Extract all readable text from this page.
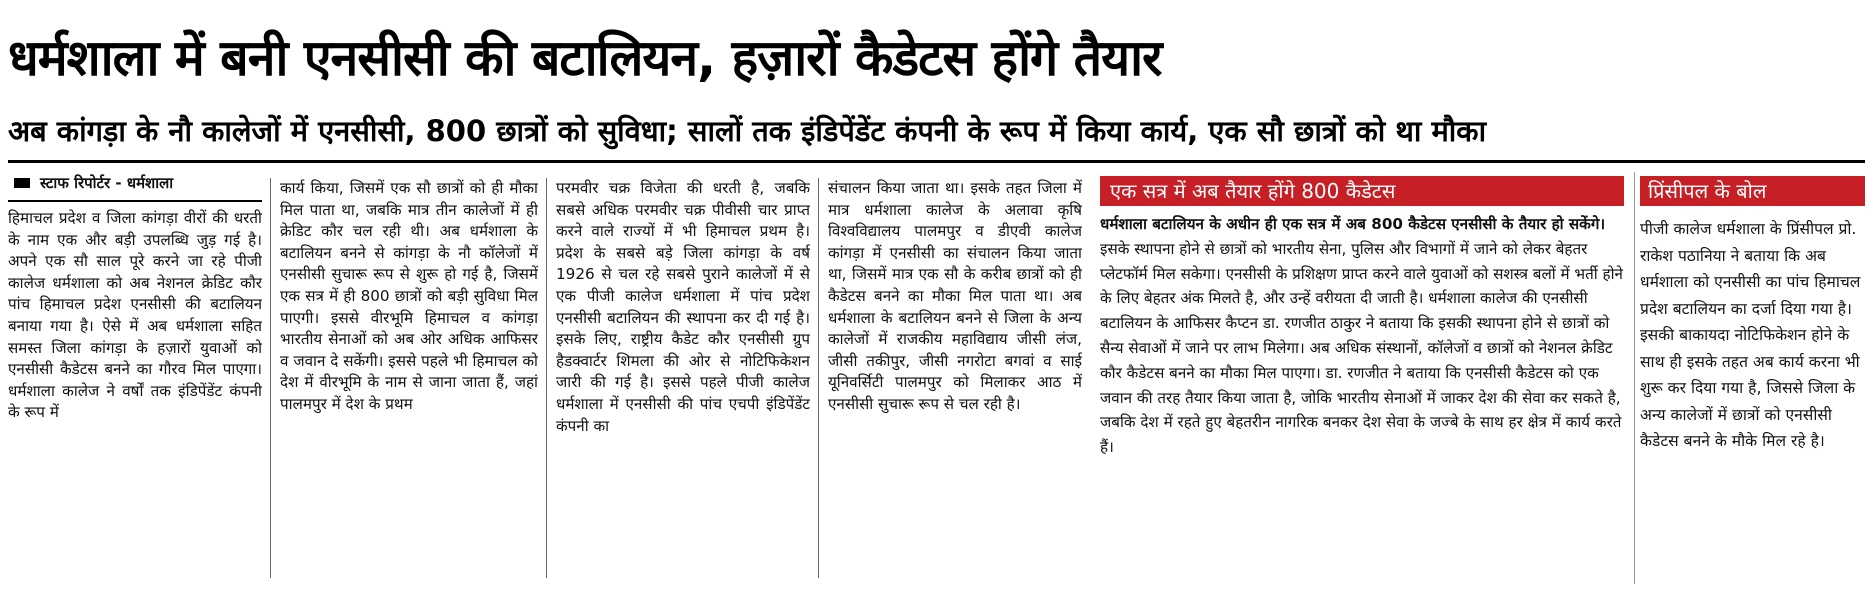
धर्मशाला में बनी एनसीसी की बटालियन, हज़ारों कैडेटस होंगे तैयार
अब कांगड़ा के नौ कालेजों में एनसीसी, 800 छात्रों को सुविधा; सालों तक इंडिपेंडेंट कंपनी के रूप में किया कार्य, एक सौ छात्रों को था मौका
स्टाफ रिपोर्टर - धर्मशाला

हिमाचल प्रदेश व जिला कांगड़ा वीरों की धरती के नाम एक और बड़ी उपलब्धि जुड़ गई है। अपने एक सौ साल पूरे करने जा रहे पीजी कालेज धर्मशाला को अब नेशनल क्रेडिट कौर पांच हिमाचल प्रदेश एनसीसी की बटालियन बनाया गया है। ऐसे में अब धर्मशाला सहित समस्त जिला कांगड़ा के हज़ारों युवाओं को एनसीसी कैडेटस बनने का गौरव मिल पाएगा। धर्मशाला कालेज ने वर्षों तक इंडिपेंडेंट कंपनी के रूप में

कार्य किया, जिसमें एक सौ छात्रों को ही मौका मिल पाता था, जबकि मात्र तीन कालेजों में ही क्रेडिट कौर चल रही थी। अब धर्मशाला के बटालियन बनने से कांगड़ा के नौ कॉलेजों में एनसीसी सुचारू रूप से शुरू हो गई है, जिसमें एक सत्र में ही 800 छात्रों को बड़ी सुविधा मिल पाएगी। इससे वीरभूमि हिमाचल व कांगड़ा भारतीय सेनाओं को अब ओर अधिक आफिसर व जवान दे सकेंगी। इससे पहले भी हिमाचल को देश में वीरभूमि के नाम से जाना जाता हैं, जहां पालमपुर में देश के प्रथम

परमवीर चक्र विजेता की धरती है, जबकि सबसे अधिक परमवीर चक्र पीवीसी चार प्राप्त करने वाले राज्यों में भी हिमाचल प्रथम है। प्रदेश के सबसे बड़े जिला कांगड़ा के वर्ष 1926 से चल रहे सबसे पुराने कालेजों में से एक पीजी कालेज धर्मशाला में पांच प्रदेश एनसीसी बटालियन की स्थापना कर दी गई है। इसके लिए, राष्ट्रीय कैडेट कौर एनसीसी ग्रुप हैडक्वार्टर शिमला की ओर से नोटिफिकेशन जारी की गई है। इससे पहले पीजी कालेज धर्मशाला में एनसीसी की पांच एचपी इंडिपेंडेंट कंपनी का

संचालन किया जाता था। इसके तहत जिला में मात्र धर्मशाला कालेज के अलावा कृषि विश्वविद्यालय पालमपुर व डीएवी कालेज कांगड़ा में एनसीसी का संचालन किया जाता था, जिसमें मात्र एक सौ के करीब छात्रों को ही कैडेटस बनने का मौका मिल पाता था। अब धर्मशाला के बटालियन बनने से जिला के अन्य कालेजों में राजकीय महाविद्याय जीसी लंज, जीसी तकीपुर, जीसी नगरोटा बगवां व साई यूनिवर्सिटी पालमपुर को मिलाकर आठ में एनसीसी सुचारू रूप से चल रही है।

एक सत्र में अब तैयार होंगे 800 कैडेटस
धर्मशाला बटालियन के अधीन ही एक सत्र में अब 800 कैडेटस एनसीसी के तैयार हो सकेंगे। इसके स्थापना होने से छात्रों को भारतीय सेना, पुलिस और विभागों में जाने को लेकर बेहतर प्लेटफॉर्म मिल सकेगा। एनसीसी के प्रशिक्षण प्राप्त करने वाले युवाओं को सशस्त्र बलों में भर्ती होने के लिए बेहतर अंक मिलते है, और उन्हें वरीयता दी जाती है। धर्मशाला कालेज की एनसीसी बटालियन के आफिसर कैप्टन डा. रणजीत ठाकुर ने बताया कि इसकी स्थापना होने से छात्रों को सैन्य सेवाओं में जाने पर लाभ मिलेगा। अब अधिक संस्थानों, कॉलेजों व छात्रों को नेशनल क्रेडिट कौर कैडेटस बनने का मौका मिल पाएगा। डा. रणजीत ने बताया कि एनसीसी कैडेटस को एक जवान की तरह तैयार किया जाता है, जोकि भारतीय सेनाओं में जाकर देश की सेवा कर सकते है, जबकि देश में रहते हुए बेहतरीन नागरिक बनकर देश सेवा के जज्बे के साथ हर क्षेत्र में कार्य करते हैं।
प्रिंसीपल के बोल
पीजी कालेज धर्मशाला के प्रिंसीपल प्रो. राकेश पठानिया ने बताया कि अब धर्मशाला को एनसीसी का पांच हिमाचल प्रदेश बटालियन का दर्जा दिया गया है। इसकी बाकायदा नोटिफिकेशन होने के साथ ही इसके तहत अब कार्य करना भी शुरू कर दिया गया है, जिससे जिला के अन्य कालेजों में छात्रों को एनसीसी कैडेटस बनने के मौके मिल रहे है।
